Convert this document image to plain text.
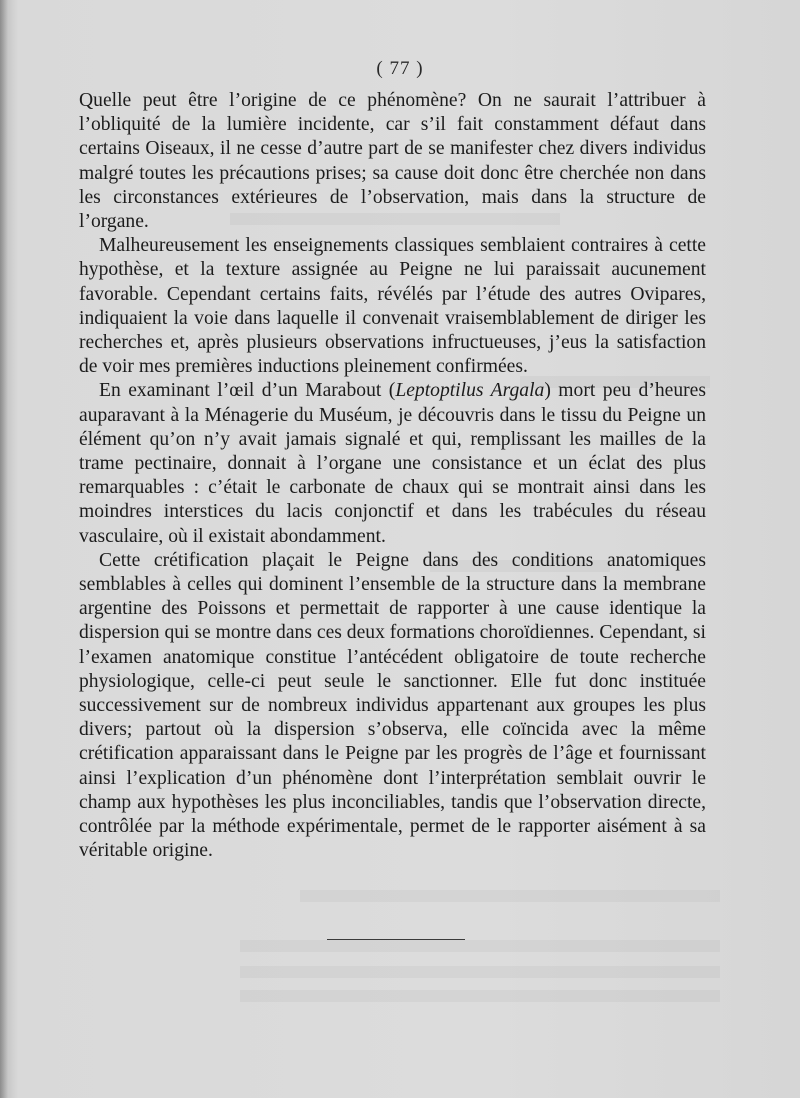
( 77 )

Quelle peut être l’origine de ce phénomène? On ne saurait l’attribuer à l’obliquité de la lumière incidente, car s’il fait constamment défaut dans certains Oiseaux, il ne cesse d’autre part de se manifester chez divers individus malgré toutes les précautions prises; sa cause doit donc être cherchée non dans les circonstances extérieures de l’observation, mais dans la structure de l’organe.

Malheureusement les enseignements classiques semblaient contraires à cette hypothèse, et la texture assignée au Peigne ne lui paraissait aucunement favorable. Cependant certains faits, révélés par l’étude des autres Ovipares, indiquaient la voie dans laquelle il convenait vraisemblablement de diriger les recherches et, après plusieurs observations infructueuses, j’eus la satisfaction de voir mes premières inductions pleinement confirmées.

En examinant l’œil d’un Marabout (Leptoptilus Argala) mort peu d’heures auparavant à la Ménagerie du Muséum, je découvris dans le tissu du Peigne un élément qu’on n’y avait jamais signalé et qui, remplissant les mailles de la trame pectinaire, donnait à l’organe une consistance et un éclat des plus remarquables : c’était le carbonate de chaux qui se montrait ainsi dans les moindres interstices du lacis conjonctif et dans les trabécules du réseau vasculaire, où il existait abondamment.

Cette crétification plaçait le Peigne dans des conditions anatomiques semblables à celles qui dominent l’ensemble de la structure dans la membrane argentine des Poissons et permettait de rapporter à une cause identique la dispersion qui se montre dans ces deux formations choroïdiennes. Cependant, si l’examen anatomique constitue l’antécédent obligatoire de toute recherche physiologique, celle-ci peut seule le sanctionner. Elle fut donc instituée successivement sur de nombreux individus appartenant aux groupes les plus divers; partout où la dispersion s’observa, elle coïncida avec la même crétification apparaissant dans le Peigne par les progrès de l’âge et fournissant ainsi l’explication d’un phénomène dont l’interprétation semblait ouvrir le champ aux hypothèses les plus inconciliables, tandis que l’observation directe, contrôlée par la méthode expérimentale, permet de le rapporter aisément à sa véritable origine.
